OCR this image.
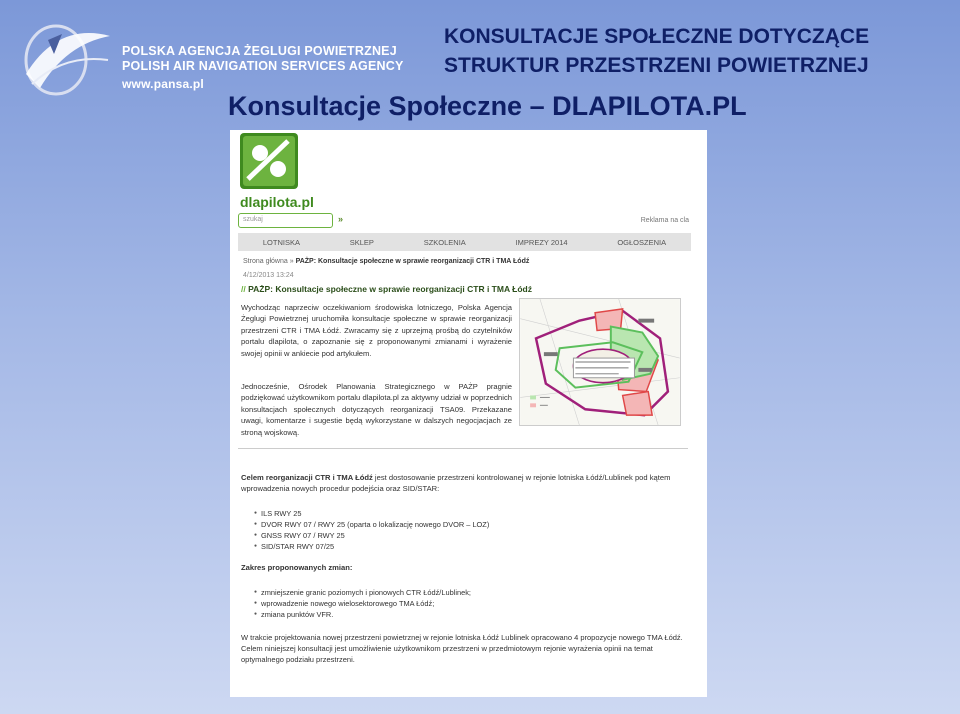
POLSKA AGENCJA ŻEGLUGI POWIETRZNEJ
POLISH AIR NAVIGATION SERVICES AGENCY
www.pansa.pl
KONSULTACJE SPOŁECZNE DOTYCZĄCE
STRUKTUR PRZESTRZENI POWIETRZNEJ
Konsultacje Społeczne – DLAPILOTA.PL
dlapilota.pl
szukaj	»	Reklama na cla
LOTNISKA	SKLEP	SZKOLENIA	IMPREZY 2014	OGŁOSZENIA
Strona główna » PAŻP: Konsultacje społeczne w sprawie reorganizacji CTR i TMA Łódź
4/12/2013 13:24
// PAŻP: Konsultacje społeczne w sprawie reorganizacji CTR i TMA Łódź
Wychodząc naprzeciw oczekiwaniom środowiska lotniczego, Polska Agencja Żeglugi Powietrznej uruchomiła konsultacje społeczne w sprawie reorganizacji przestrzeni CTR i TMA Łódź. Zwracamy się z uprzejmą prośbą do czytelników portalu dlapilota, o zapoznanie się z proponowanymi zmianami i wyrażenie swojej opinii w ankiecie pod artykułem.
Jednocześnie, Ośrodek Planowania Strategicznego w PAŻP pragnie podziękować użytkownikom portalu dlapilota.pl za aktywny udział w poprzednich konsultacjach społecznych dotyczących reorganizacji TSA09. Przekazane uwagi, komentarze i sugestie będą wykorzystane w dalszych negocjacjach ze stroną wojskową.
Celem reorganizacji CTR i TMA Łódź jest dostosowanie przestrzeni kontrolowanej w rejonie lotniska Łódź/Lublinek pod kątem wprowadzenia nowych procedur podejścia oraz SID/STAR:
● ILS RWY 25
● DVOR RWY 07 / RWY 25 (oparta o lokalizację nowego DVOR – LOZ)
● GNSS RWY 07 / RWY 25
● SID/STAR RWY 07/25
Zakres proponowanych zmian:
● zmniejszenie granic poziomych i pionowych CTR Łódź/Lublinek;
● wprowadzenie nowego wielosektorowego TMA Łódź;
● zmiana punktów VFR.
W trakcie projektowania nowej przestrzeni powietrznej w rejonie lotniska Łódź Lublinek opracowano 4 propozycje nowego TMA Łódź. Celem niniejszej konsultacji jest umożliwienie użytkownikom przestrzeni w przedmiotowym rejonie wyrażenia opinii na temat optymalnego podziału przestrzeni.
